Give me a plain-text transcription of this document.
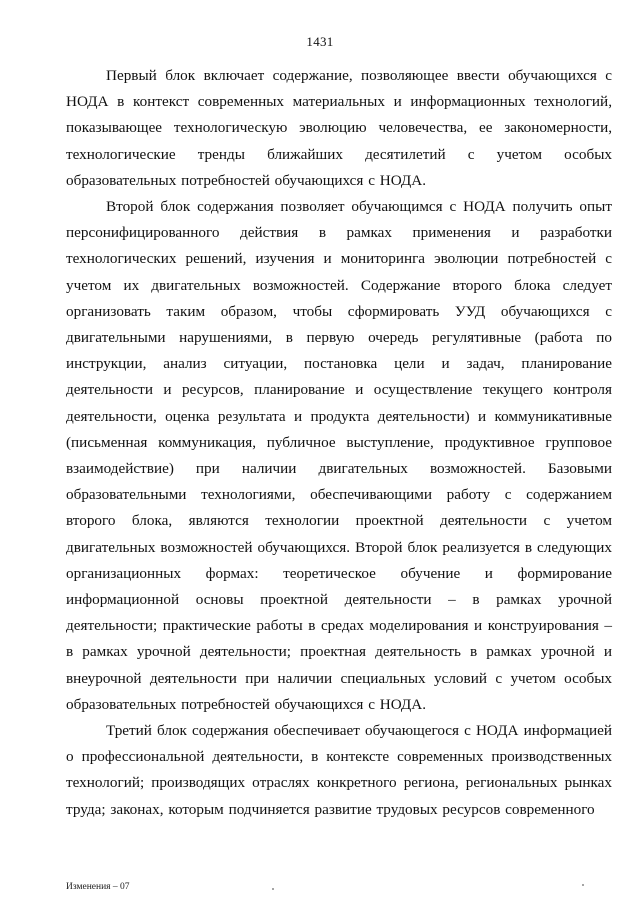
1431

Первый блок включает содержание, позволяющее ввести обучающихся с НОДА в контекст современных материальных и информационных технологий, показывающее технологическую эволюцию человечества, ее закономерности, технологические тренды ближайших десятилетий с учетом особых образовательных потребностей обучающихся с НОДА.

Второй блок содержания позволяет обучающимся с НОДА получить опыт персонифицированного действия в рамках применения и разработки технологических решений, изучения и мониторинга эволюции потребностей с учетом их двигательных возможностей. Содержание второго блока следует организовать таким образом, чтобы сформировать УУД обучающихся с двигательными нарушениями, в первую очередь регулятивные (работа по инструкции, анализ ситуации, постановка цели и задач, планирование деятельности и ресурсов, планирование и осуществление текущего контроля деятельности, оценка результата и продукта деятельности) и коммуникативные (письменная коммуникация, публичное выступление, продуктивное групповое взаимодействие) при наличии двигательных возможностей. Базовыми образовательными технологиями, обеспечивающими работу с содержанием второго блока, являются технологии проектной деятельности с учетом двигательных возможностей обучающихся. Второй блок реализуется в следующих организационных формах: теоретическое обучение и формирование информационной основы проектной деятельности – в рамках урочной деятельности; практические работы в средах моделирования и конструирования – в рамках урочной деятельности; проектная деятельность в рамках урочной и внеурочной деятельности при наличии специальных условий с учетом особых образовательных потребностей обучающихся с НОДА.

Третий блок содержания обеспечивает обучающегося с НОДА информацией о профессиональной деятельности, в контексте современных производственных технологий; производящих отраслях конкретного региона, региональных рынках труда; законах, которым подчиняется развитие трудовых ресурсов современного

Изменения – 07
